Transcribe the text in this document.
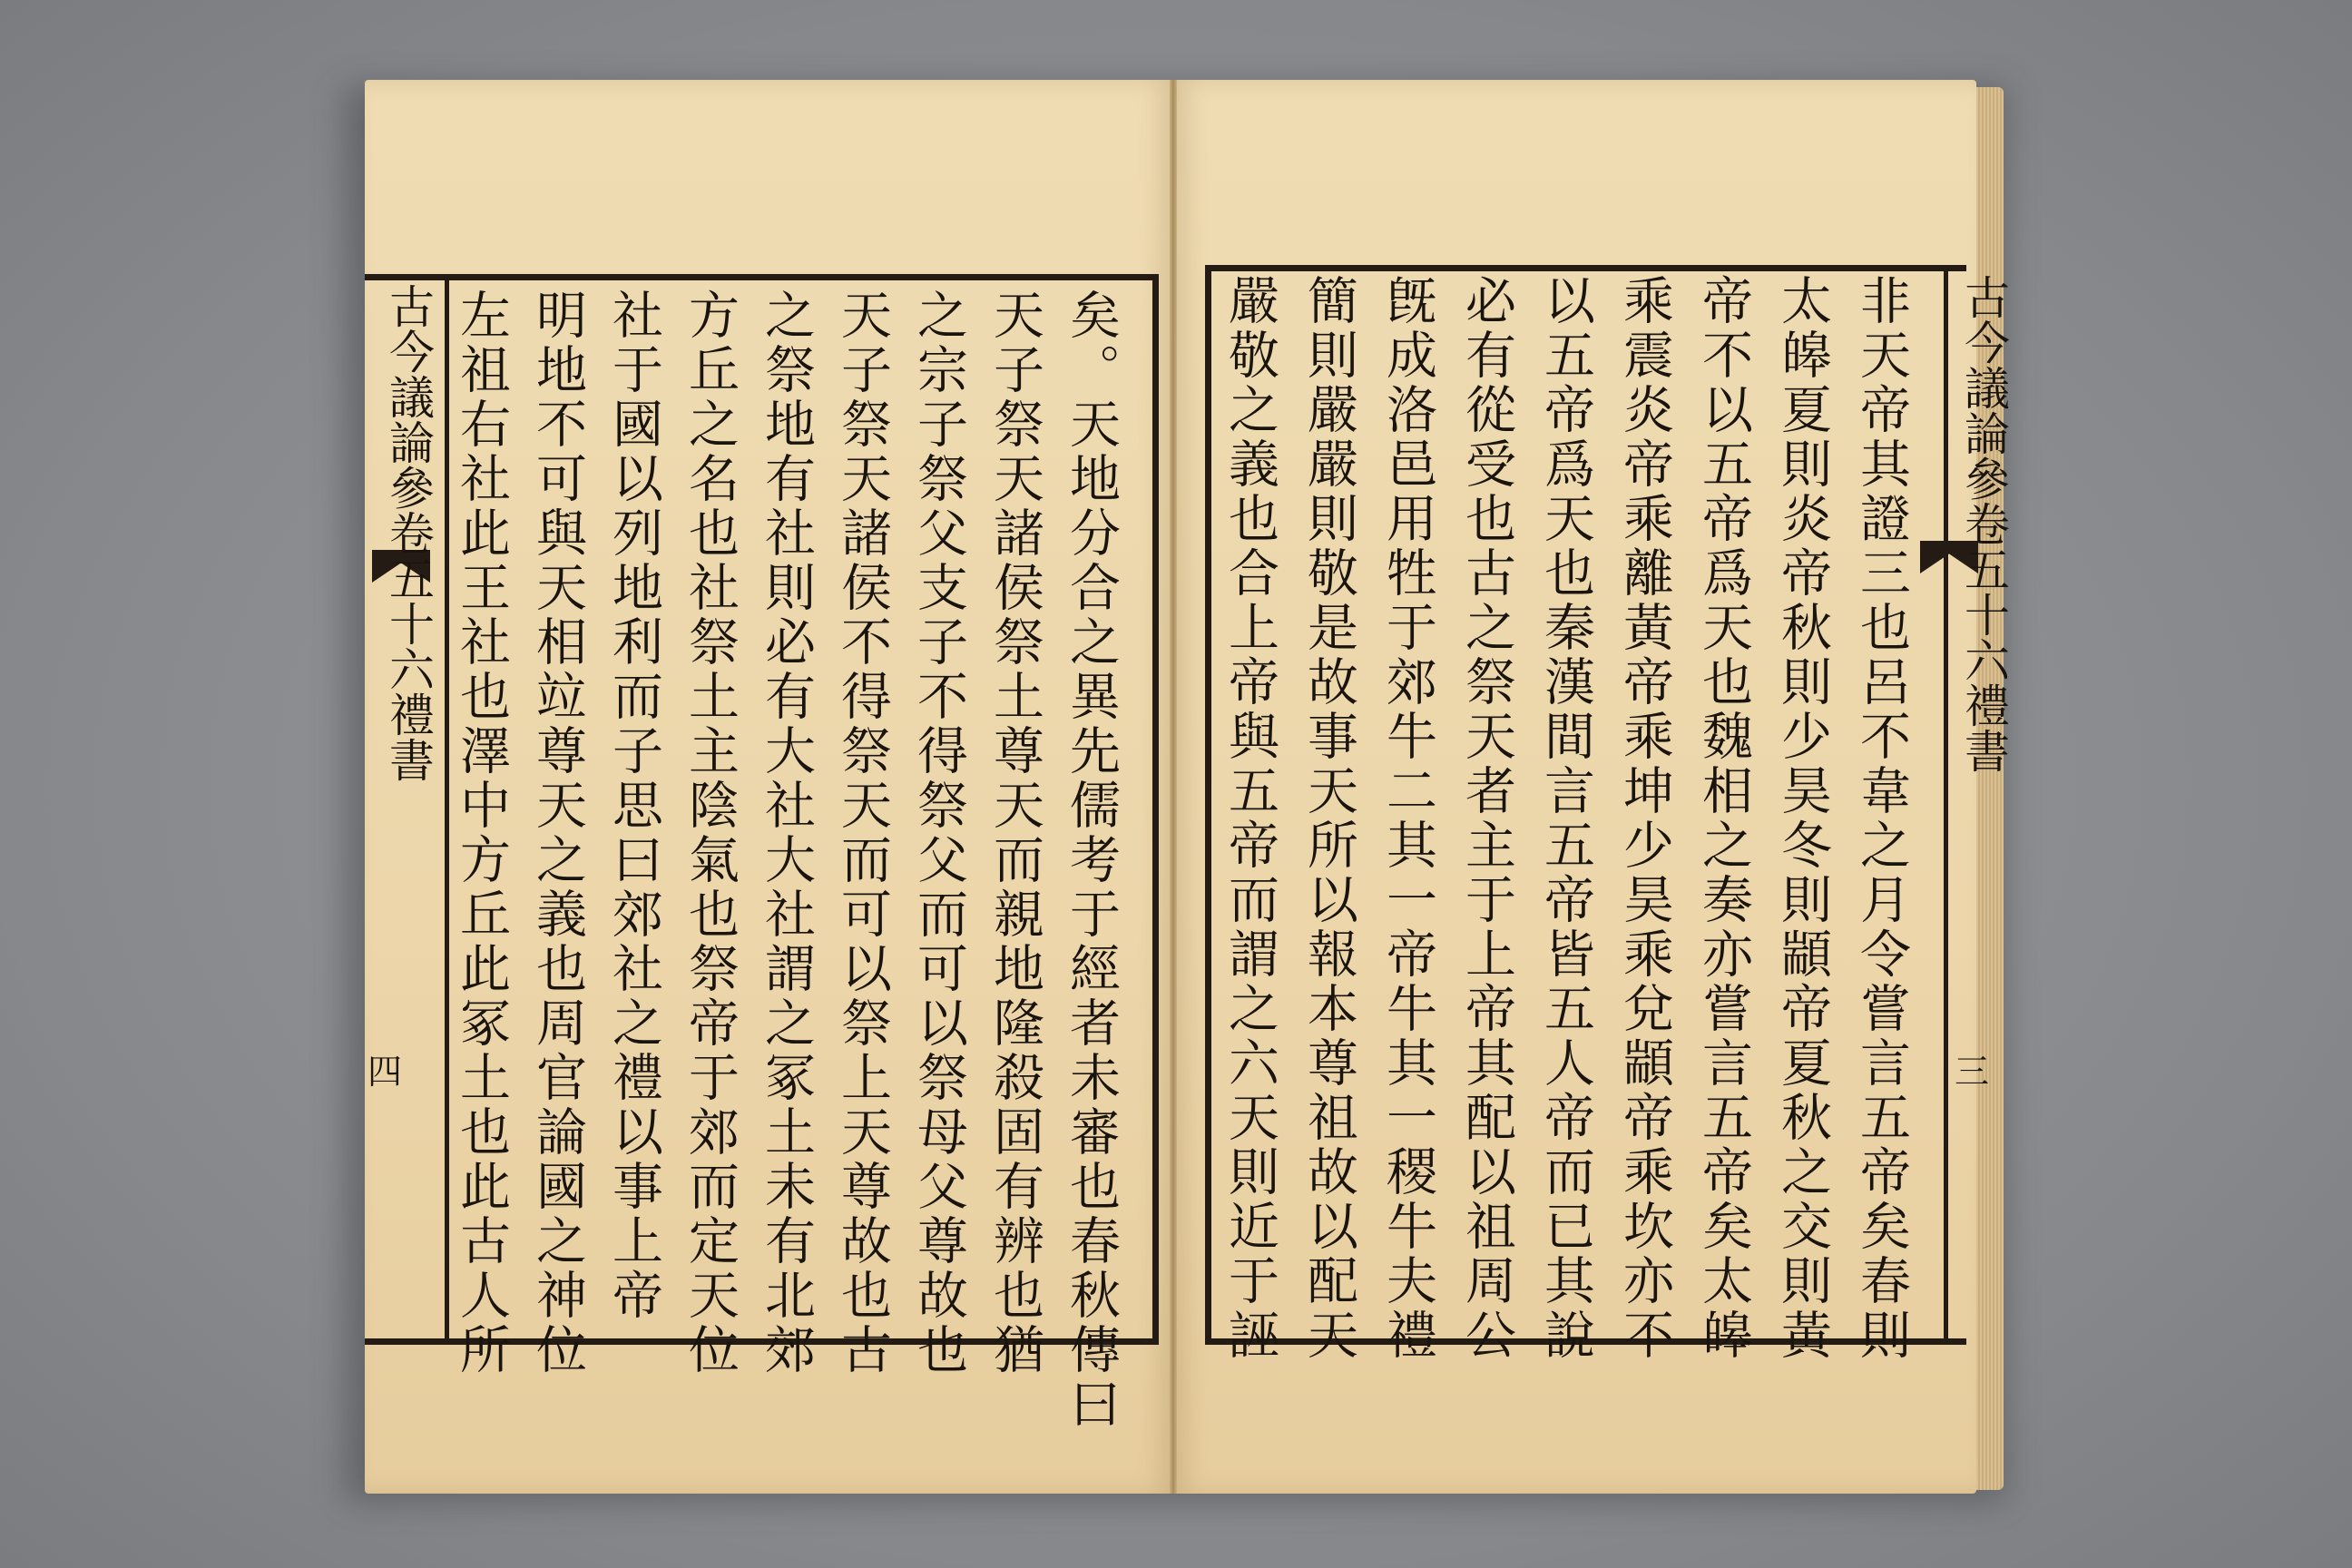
古今議論參卷五十六禮書
四	矣。天地分合之異先儒考于經者未審也春秋傳曰
天子祭天諸侯祭土尊天而親地隆殺固有辨也猶
之宗子祭父支子不得祭父而可以祭母父尊故也
天子祭天諸侯不得祭天而可以祭上天尊故也古
之祭地有社則必有大社大社謂之冢土未有北郊
方丘之名也社祭土主陰氣也祭帝于郊而定天位
社于國以列地利而子思曰郊社之禮以事上帝
明地不可與天相竝尊天之義也周官論國之神位
左祖右社此王社也澤中方丘此冢土也此古人所	古今議論參卷五十六禮書
三
非天帝其證三也呂不韋之月令嘗言五帝矣春則
太皞夏則炎帝秋則少昊冬則顓帝夏秋之交則黃
帝不以五帝爲天也魏相之奏亦嘗言五帝矣太皞
乘震炎帝乘離黃帝乘坤少昊乘兌顓帝乘坎亦不
以五帝爲天也秦漢間言五帝皆五人帝而已其說
必有從受也古之祭天者主于上帝其配以祖周公
旣成洛邑用牲于郊牛二其一帝牛其一稷牛夫禮
簡則嚴嚴則敬是故事天所以報本尊祖故以配天
嚴敬之義也合上帝與五帝而謂之六天則近于誣
